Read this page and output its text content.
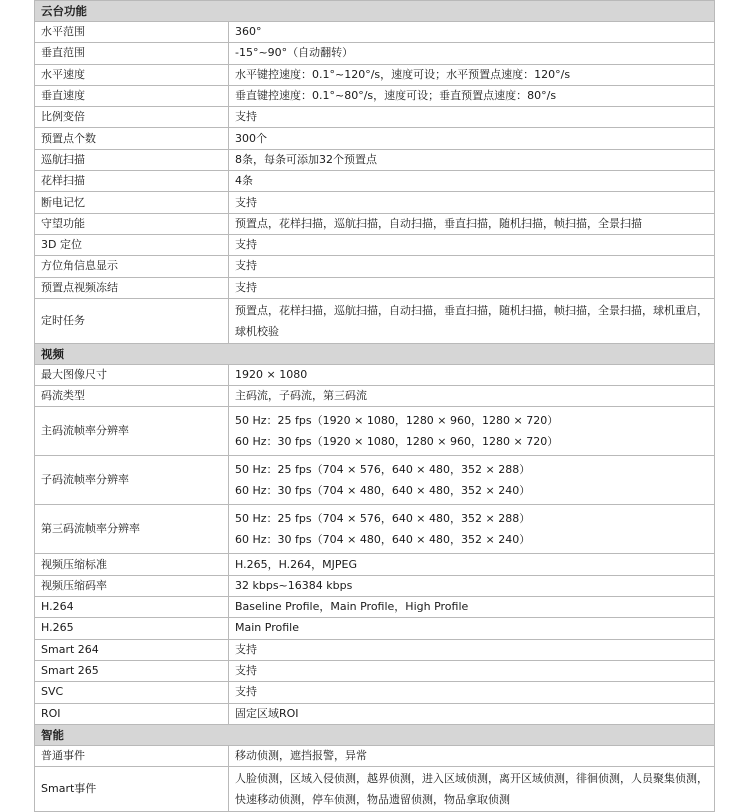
云台功能	
水平范围	360°

垂直范围	-15°~90°（自动翻转）

水平速度	水平键控速度：0.1°~120°/s，速度可设；水平预置点速度：120°/s

垂直速度	垂直键控速度：0.1°~80°/s，速度可设；垂直预置点速度：80°/s

比例变倍	支持

预置点个数	300个

巡航扫描	8条，每条可添加32个预置点

花样扫描	4条

断电记忆	支持

守望功能	预置点，花样扫描，巡航扫描，自动扫描，垂直扫描，随机扫描，帧扫描，全景扫描

3D 定位	支持

方位角信息显示	支持

预置点视频冻结	支持

定时任务	预置点，花样扫描，巡航扫描，自动扫描，垂直扫描，随机扫描，帧扫描，全景扫描，球机重启，球机校验
视频	
最大图像尺寸	1920 × 1080

码流类型	主码流，子码流，第三码流

主码流帧率分辨率	50 Hz：25 fps（1920 × 1080，1280 × 960，1280 × 720）
60 Hz：30 fps（1920 × 1080，1280 × 960，1280 × 720）

子码流帧率分辨率	50 Hz：25 fps（704 × 576，640 × 480，352 × 288）
60 Hz：30 fps（704 × 480，640 × 480，352 × 240）

第三码流帧率分辨率	50 Hz：25 fps（704 × 576，640 × 480，352 × 288）
60 Hz：30 fps（704 × 480，640 × 480，352 × 240）

视频压缩标准	H.265，H.264，MJPEG

视频压缩码率	32 kbps~16384 kbps

H.264	Baseline Profile，Main Profile，High Profile

H.265	Main Profile

Smart 264	支持

Smart 265	支持

SVC	支持

ROI	固定区域ROI

智能	
普通事件	移动侦测，遮挡报警，异常

Smart事件	人脸侦测，区域入侵侦测，越界侦测，进入区域侦测，离开区域侦测，徘徊侦测，人员聚集侦测，快速移动侦测，停车侦测，物品遗留侦测，物品拿取侦测
